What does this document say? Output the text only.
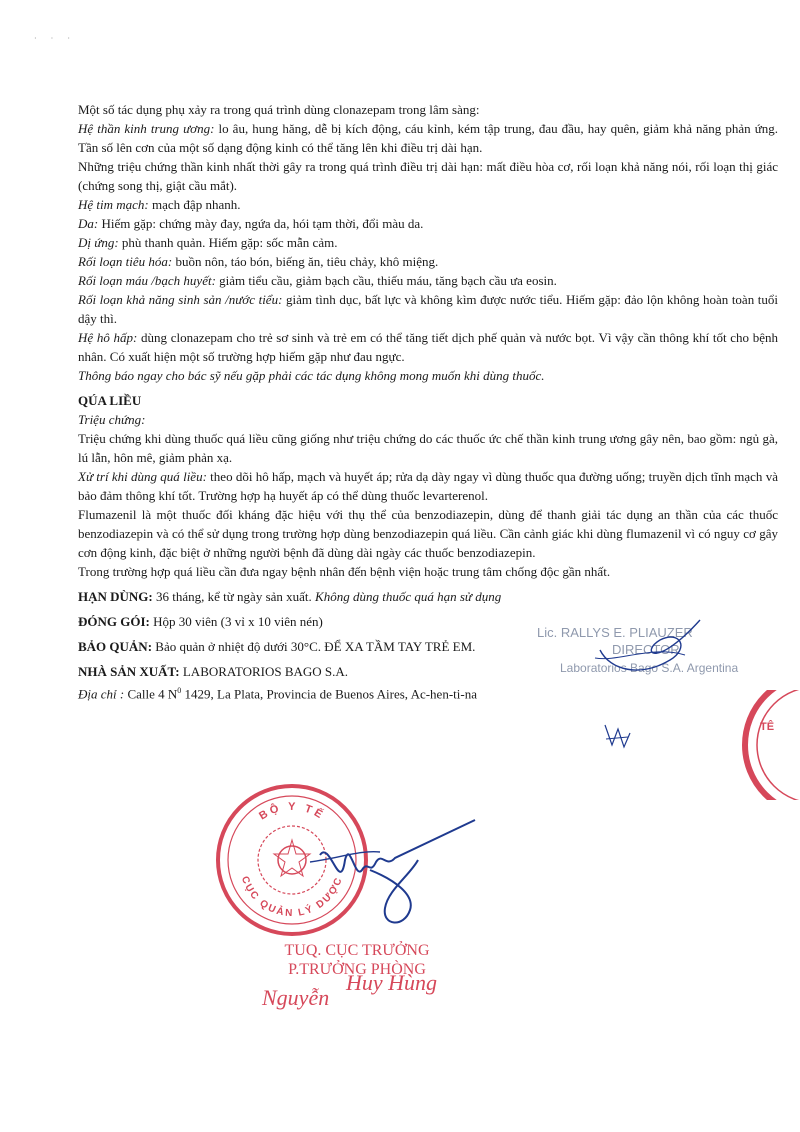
· · ·

Một số tác dụng phụ xảy ra trong quá trình dùng clonazepam trong lâm sàng:

Hệ thần kinh trung ương: lo âu, hung hăng, dễ bị kích động, cáu kỉnh, kém tập trung, đau đầu, hay quên, giảm khả năng phản ứng. Tần số lên cơn của một số dạng động kinh có thể tăng lên khi điều trị dài hạn.

Những triệu chứng thần kinh nhất thời gây ra trong quá trình điều trị dài hạn: mất điều hòa cơ, rối loạn khả năng nói, rối loạn thị giác (chứng song thị, giật cầu mắt).

Hệ tim mạch: mạch đập nhanh.

Da: Hiếm gặp: chứng mày đay, ngứa da, hói tạm thời, đổi màu da.

Dị ứng: phù thanh quản. Hiếm gặp: sốc mẫn cảm.

Rối loạn tiêu hóa: buồn nôn, táo bón, biếng ăn, tiêu chảy, khô miệng.

Rối loạn máu /bạch huyết: giảm tiểu cầu, giảm bạch cầu, thiếu máu, tăng bạch cầu ưa eosin.

Rối loạn khả năng sinh sản /nước tiểu: giảm tình dục, bất lực và không kìm được nước tiểu. Hiếm gặp: đảo lộn không hoàn toàn tuổi dậy thì.

Hệ hô hấp: dùng clonazepam cho trẻ sơ sinh và trẻ em có thể tăng tiết dịch phế quản và nước bọt. Vì vậy cần thông khí tốt cho bệnh nhân. Có xuất hiện một số trường hợp hiếm gặp như đau ngực.

Thông báo ngay cho bác sỹ nếu gặp phải các tác dụng không mong muốn khi dùng thuốc.

QÚA LIỀU

Triệu chứng:

Triệu chứng khi dùng thuốc quá liều cũng giống như triệu chứng do các thuốc ức chế thần kinh trung ương gây nên, bao gồm: ngủ gà, lú lẫn, hôn mê, giảm phản xạ.

Xử trí khi dùng quá liều: theo dõi hô hấp, mạch và huyết áp; rửa dạ dày ngay vì dùng thuốc qua đường uống; truyền dịch tĩnh mạch và bảo đảm thông khí tốt. Trường hợp hạ huyết áp có thể dùng thuốc levarterenol.

Flumazenil là một thuốc đối kháng đặc hiệu với thụ thể của benzodiazepin, dùng để thanh giải tác dụng an thần của các thuốc benzodiazepin và có thể sử dụng trong trường hợp dùng benzodiazepin quá liều. Cần cảnh giác khi dùng flumazenil vì có nguy cơ gây cơn động kinh, đặc biệt ở những người bệnh đã dùng dài ngày các thuốc benzodiazepin.

Trong trường hợp quá liều cần đưa ngay bệnh nhân đến bệnh viện hoặc trung tâm chống độc gần nhất.

HẠN DÙNG: 36 tháng, kể từ ngày sản xuất. Không dùng thuốc quá hạn sử dụng

ĐÓNG GÓI: Hộp 30 viên (3 vỉ x 10 viên nén)

BẢO QUẢN: Bảo quản ở nhiệt độ dưới 30°C. ĐỂ XA TẦM TAY TRẺ EM.

NHÀ SẢN XUẤT: LABORATORIOS BAGO S.A.

Địa chỉ : Calle 4 $N^0$ 1429, La Plata, Provincia de Buenos Aires, Ac-hen-ti-na

Lic. RALLYS E. PLIAUZER
DIRECTOR
Laboratorios Bago S.A. Argentina
TÊ
BỘ Y TẾ
CỤC QUẢN LÝ DƯỢC
TUQ. CỤC TRƯỞNG
P.TRƯỞNG PHÒNG
Nguyễn
Huy Hùng
